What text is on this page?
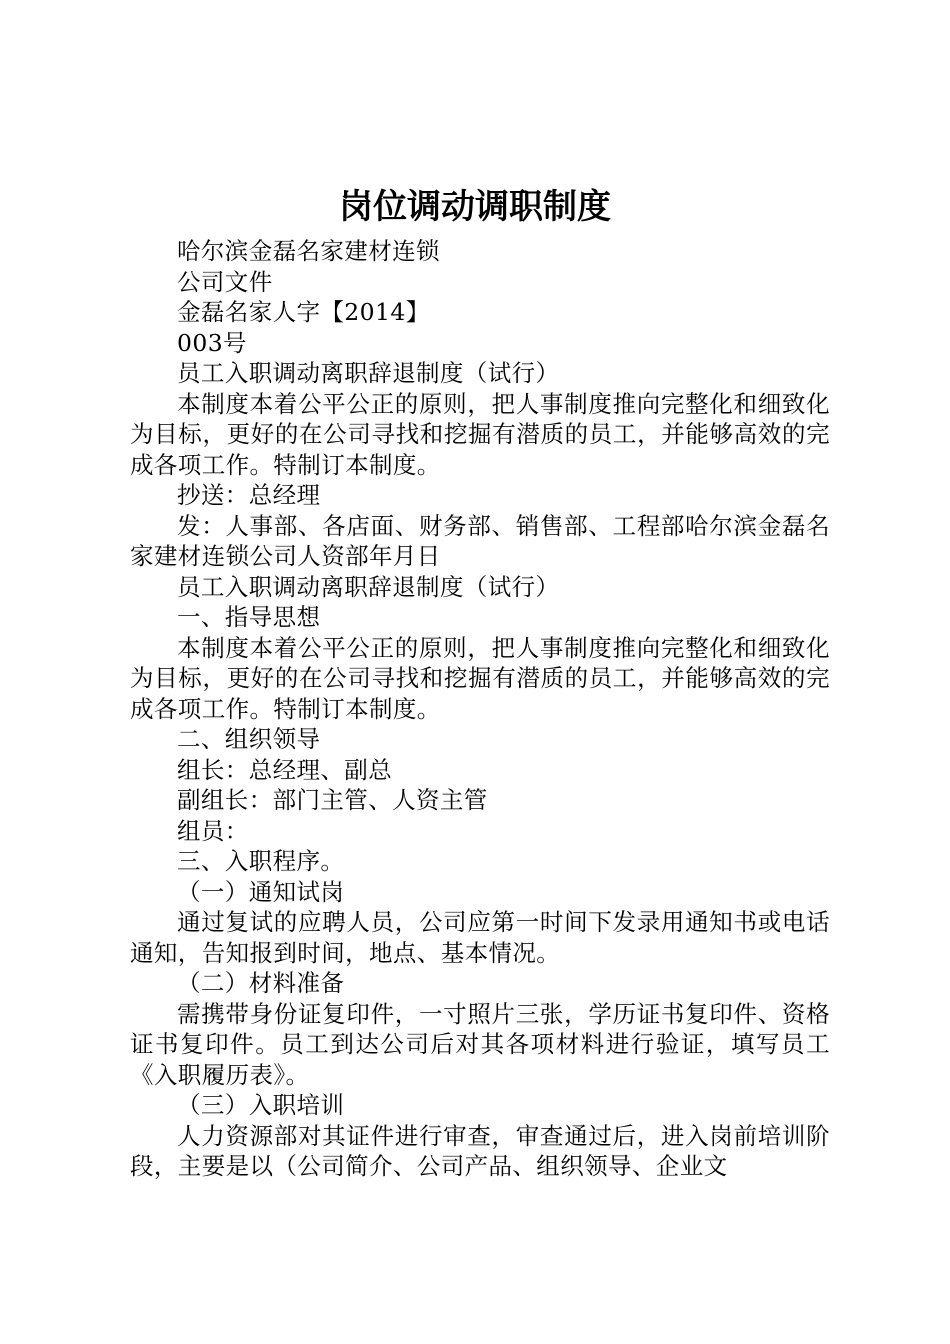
岗位调动调职制度

哈尔滨金磊名家建材连锁

公司文件

金磊名家人字【2014】

003号

员工入职调动离职辞退制度（试行）

本制度本着公平公正的原则，把人事制度推向完整化和细致化为目标，更好的在公司寻找和挖掘有潜质的员工，并能够高效的完成各项工作。特制订本制度。

抄送：总经理

发：人事部、各店面、财务部、销售部、工程部哈尔滨金磊名家建材连锁公司人资部年月日

员工入职调动离职辞退制度（试行）

一、指导思想

本制度本着公平公正的原则，把人事制度推向完整化和细致化为目标，更好的在公司寻找和挖掘有潜质的员工，并能够高效的完成各项工作。特制订本制度。

二、组织领导

组长：总经理、副总

副组长：部门主管、人资主管

组员：

三、入职程序。

（一）通知试岗

通过复试的应聘人员，公司应第一时间下发录用通知书或电话通知，告知报到时间，地点、基本情况。

（二）材料准备

需携带身份证复印件，一寸照片三张，学历证书复印件、资格证书复印件。员工到达公司后对其各项材料进行验证，填写员工《入职履历表》。

（三）入职培训

人力资源部对其证件进行审查，审查通过后，进入岗前培训阶段，主要是以（公司简介、公司产品、组织领导、企业文
